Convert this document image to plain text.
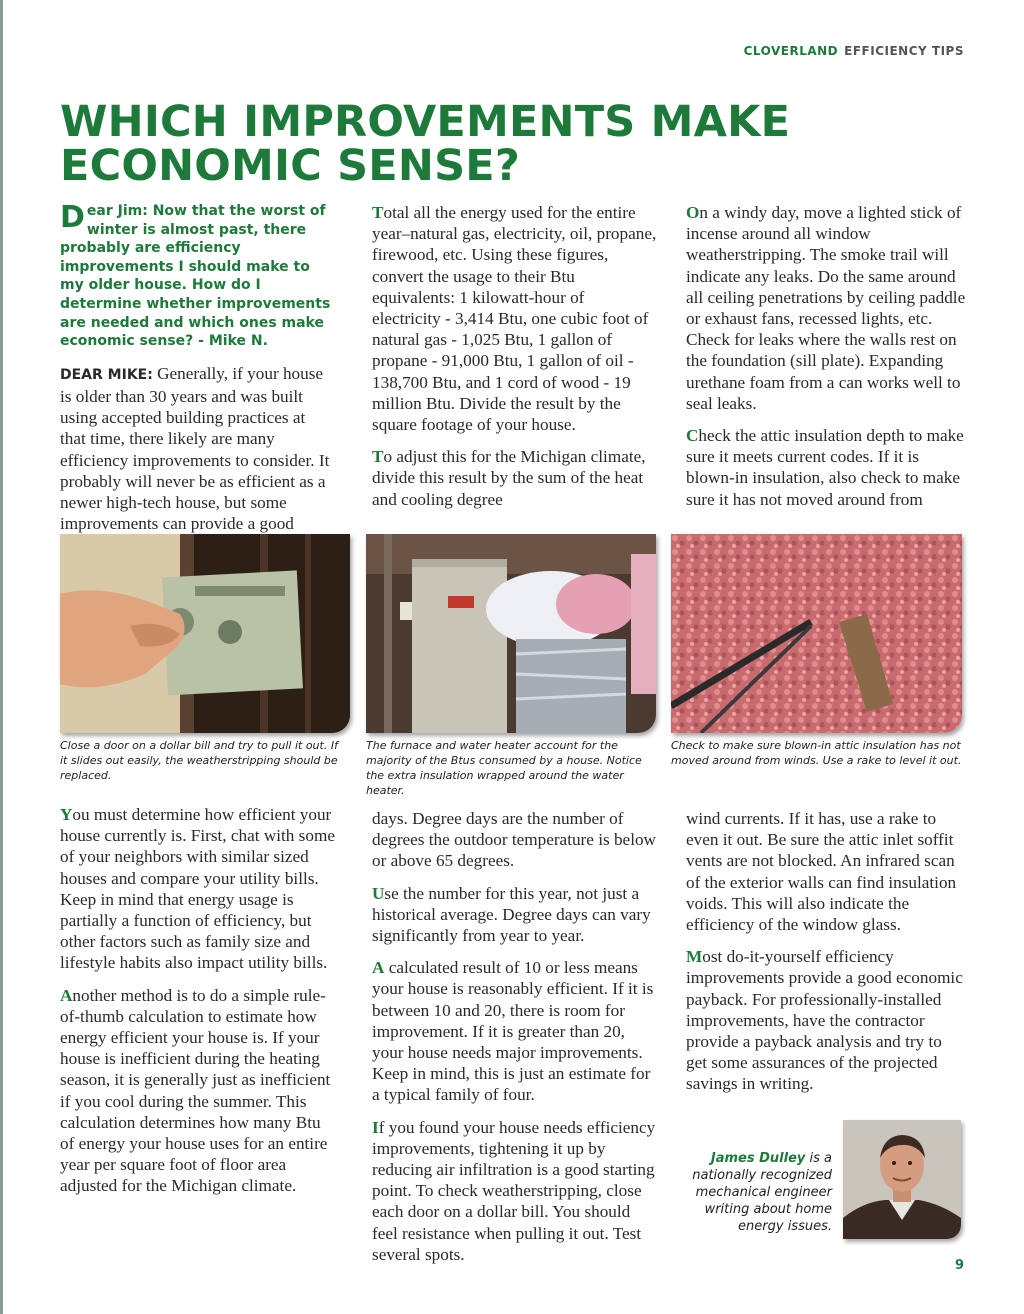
CLOVERLAND EFFICIENCY TIPS
WHICH IMPROVEMENTS MAKE ECONOMIC SENSE?
Dear Jim: Now that the worst of winter is almost past, there probably are efficiency improvements I should make to my older house. How do I determine whether improvements are needed and which ones make economic sense? - Mike N.

DEAR MIKE: Generally, if your house is older than 30 years and was built using accepted building practices at that time, there likely are many efficiency improvements to consider. It probably will never be as efficient as a newer high-tech house, but some improvements can provide a good

Total all the energy used for the entire year–natural gas, electricity, oil, propane, firewood, etc. Using these figures, convert the usage to their Btu equivalents: 1 kilowatt-hour of electricity - 3,414 Btu, one cubic foot of natural gas - 1,025 Btu, 1 gallon of propane - 91,000 Btu, 1 gallon of oil - 138,700 Btu, and 1 cord of wood - 19 million Btu. Divide the result by the square footage of your house.

To adjust this for the Michigan climate, divide this result by the sum of the heat and cooling degree

On a windy day, move a lighted stick of incense around all window weatherstripping. The smoke trail will indicate any leaks. Do the same around all ceiling penetrations by ceiling paddle or exhaust fans, recessed lights, etc. Check for leaks where the walls rest on the foundation (sill plate). Expanding urethane foam from a can works well to seal leaks.

Check the attic insulation depth to make sure it meets current codes. If it is blown-in insulation, also check to make sure it has not moved around from

Close a door on a dollar bill and try to pull it out. If it slides out easily, the weatherstripping should be replaced.
The furnace and water heater account for the majority of the Btus consumed by a house. Notice the extra insulation wrapped around the water heater.
Check to make sure blown-in attic insulation has not moved around from winds. Use a rake to level it out.

You must determine how efficient your house currently is. First, chat with some of your neighbors with similar sized houses and compare your utility bills. Keep in mind that energy usage is partially a function of efficiency, but other factors such as family size and lifestyle habits also impact utility bills.

Another method is to do a simple rule-of-thumb calculation to estimate how energy efficient your house is. If your house is inefficient during the heating season, it is generally just as inefficient if you cool during the summer. This calculation determines how many Btu of energy your house uses for an entire year per square foot of floor area adjusted for the Michigan climate.

days. Degree days are the number of degrees the outdoor temperature is below or above 65 degrees.

Use the number for this year, not just a historical average. Degree days can vary significantly from year to year.

A calculated result of 10 or less means your house is reasonably efficient. If it is between 10 and 20, there is room for improvement. If it is greater than 20, your house needs major improvements. Keep in mind, this is just an estimate for a typical family of four.

If you found your house needs efficiency improvements, tightening it up by reducing air infiltration is a good starting point. To check weatherstripping, close each door on a dollar bill. You should feel resistance when pulling it out. Test several spots.

wind currents. If it has, use a rake to even it out. Be sure the attic inlet soffit vents are not blocked. An infrared scan of the exterior walls can find insulation voids. This will also indicate the efficiency of the window glass.

Most do-it-yourself efficiency improvements provide a good economic payback. For professionally-installed improvements, have the contractor provide a payback analysis and try to get some assurances of the projected savings in writing.

James Dulley is a nationally recognized mechanical engineer writing about home energy issues.
9
